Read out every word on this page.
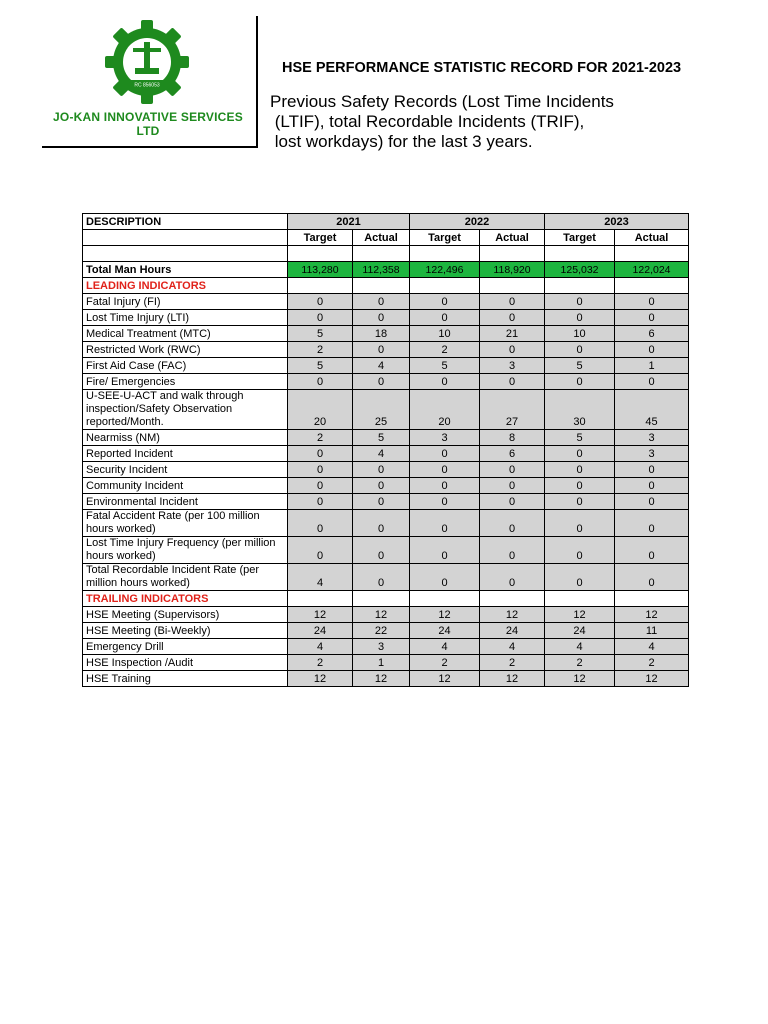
RC 856053
JO-KAN INNOVATIVE SERVICES LTD
HSE PERFORMANCE STATISTIC RECORD FOR 2021-2023
Previous Safety Records (Lost Time Incidents
(LTIF), total Recordable Incidents (TRIF),
lost workdays) for the last 3 years.
DESCRIPTION	2021		2022		2023	
	Target	Actual	Target	Actual	Target	Actual

Total Man Hours	113,280	112,358	122,496	118,920	125,032	122,024
LEADING INDICATORS						
Fatal Injury (FI)	0	0	0	0	0	0
Lost Time Injury (LTI)	0	0	0	0	0	0
Medical Treatment (MTC)	5	18	10	21	10	6
Restricted Work (RWC)	2	0	2	0	0	0
First Aid Case (FAC)	5	4	5	3	5	1
Fire/ Emergencies	0	0	0	0	0	0
U-SEE-U-ACT and walk through inspection/Safety Observation reported/Month.	20	25	20	27	30	45
Nearmiss (NM)	2	5	3	8	5	3
Reported Incident	0	4	0	6	0	3
Security Incident	0	0	0	0	0	0
Community Incident	0	0	0	0	0	0
Environmental Incident	0	0	0	0	0	0
Fatal Accident Rate (per 100 million hours worked)	0	0	0	0	0	0
Lost Time Injury Frequency (per million hours worked)	0	0	0	0	0	0
Total Recordable Incident Rate (per million hours worked)	4	0	0	0	0	0
TRAILING INDICATORS						
HSE Meeting (Supervisors)	12	12	12	12	12	12
HSE Meeting (Bi-Weekly)	24	22	24	24	24	11
Emergency Drill	4	3	4	4	4	4
HSE Inspection /Audit	2	1	2	2	2	2
HSE Training	12	12	12	12	12	12
